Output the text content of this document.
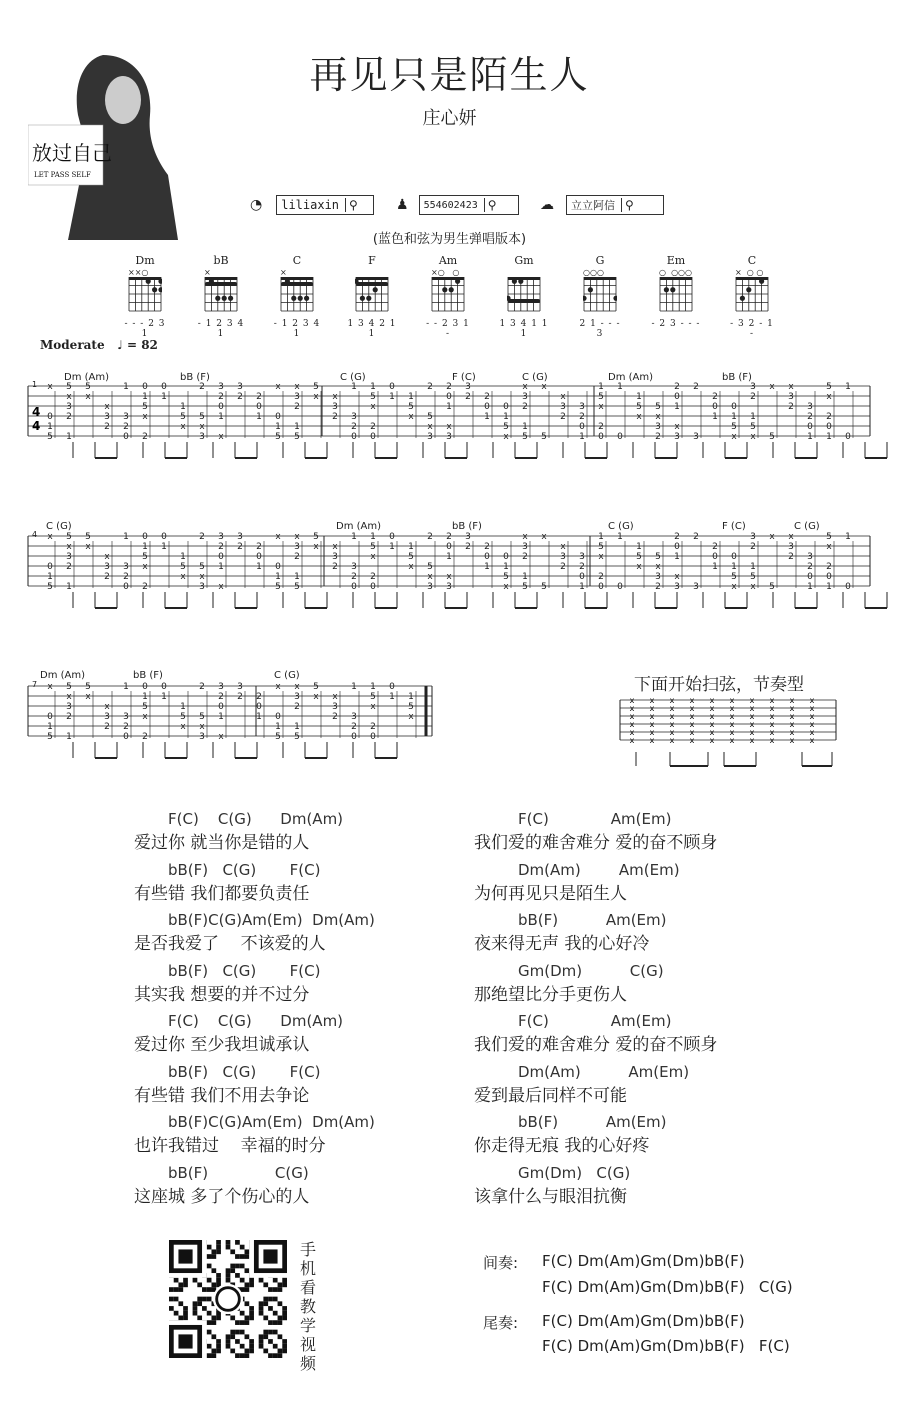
再见只是陌生人
庄心妍
放过自己
LET PASS SELF
◔ liliaxin ⚲	♟ 554602423 ⚲	☁ 立立阿信 ⚲
(蓝色和弦为男生弹唱版本)
Dm
××○
- - - 2 3 1
bB
×
- 1 2 3 4 1
C
×
- 1 2 3 4 1
F
1 3 4 2 1 1
Am
×○   ○
- - 2 3 1 -
Gm
1 3 4 1 1 1
G
○○○
2 1 - - - 3
Em
○  ○○○
- 2 3 - - -
C
×  ○ ○
- 3 2 - 1 -
Moderate   ♩ = 82
4
4
0
1
5
x
1
5
x
3
2
5
x
x
3
2
3
2
0
1
2
0
1
5
x
0
1
1
5
x
5
x
3
2
x
3
2
0
1
3
2 2
0
1 0
1
5
x
1
5
x
3
2
5
x x
3
2 3
2
0
1
2
0
1
5
x
0
1 1
5
x 5
x
3
2
x
3
2
0
1
3
2 2
0
1
0
1
5
x
1
5
x
3
2
5
x
x
3
2
3
2
0
1
2
0
1
5
x
0
1
1
5
x
5
x
3
2
x
3
2
0
1
3
2
2
0
1
0
1
5
x
1
5
x
3
2
5
x x
3
2 3
2
0
1
2
0
1
5
x
0
1
0
1
5
x
1
5
x
3
2
5
x
x
3
2
3
2
0
1
2
0
1
5
x
0
1
1
5
x
5
x
3
2
x
3
2
0
1
3
2 2
0
1 0
1
5
x
1
5
x
3
2
5
x x
3
2 3
2
0
1
2
0
1
5
x
0
1 1
5
x 5
x
3
2
x
3
2
0
1
3
2 2
0
1
0
1
5
x
1
5
x
3
2
5
x
x
3
2
3
2
0
1
2
0
1
5
x
0
1
1
5
x
5
x
3
2
x
3
2
0
1
3
2
2
0
1
0
1
5
x
1
5
x
3
2
5
x x
3
2 3
2
0
1
2
0
1
5
x
0
1
0
1
5
x
1
5
x
3
2
5
x
x
3
2
3
2
0
1
2
0
1
5
x
0
1
1
5
x
5
x
3
2
x
3
2
0
1
3
2 2
0
1 0
1
5
x
1
5
x
3
2
5
x x
3
2 3
2
0
1
2
0
1
5
x
0
1 1
5
x
x
x
x
x
x
x
x
x
x
x
x
x
x
x
x
x
x
x
x
x
x
x
x
x
x
x
x
x
x
x
x
x
x
x
x
x
x
x
x
x
x
x
x
x
x
x
x
x
x
x
x
x
x
x
x
x
x
x
x
x
1
Dm (Am)	bB (F)	C (G)	F (C)	C (G)	Dm (Am)	bB (F)
4
C (G)	Dm (Am)	bB (F)	C (G)	F (C)	C (G)
7
Dm (Am)	bB (F)	C (G)	下面开始扫弦，节奏型
F(C)    C(G)      Dm(Am)
爱过你 就当你是错的人
bB(F)   C(G)       F(C)
有些错 我们都要负责任
bB(F)C(G)Am(Em)  Dm(Am)
是否我爱了    不该爱的人
bB(F)   C(G)       F(C)
其实我 想要的并不过分
F(C)    C(G)      Dm(Am)
爱过你 至少我坦诚承认
bB(F)   C(G)       F(C)
有些错 我们不用去争论
bB(F)C(G)Am(Em)  Dm(Am)
也许我错过    幸福的时分
bB(F)              C(G)
这座城 多了个伤心的人
F(C)             Am(Em)
我们爱的难舍难分 爱的奋不顾身
Dm(Am)        Am(Em)
为何再见只是陌生人
bB(F)          Am(Em)
夜来得无声 我的心好冷
Gm(Dm)          C(G)
那绝望比分手更伤人
F(C)             Am(Em)
我们爱的难舍难分 爱的奋不顾身
Dm(Am)          Am(Em)
爱到最后同样不可能
bB(F)          Am(Em)
你走得无痕 我的心好疼
Gm(Dm)   C(G)
该拿什么与眼泪抗衡
手机看教学视频
间奏: F(C) Dm(Am)Gm(Dm)bB(F)
F(C) Dm(Am)Gm(Dm)bB(F)   C(G)
尾奏: F(C) Dm(Am)Gm(Dm)bB(F)
F(C) Dm(Am)Gm(Dm)bB(F)   F(C)
